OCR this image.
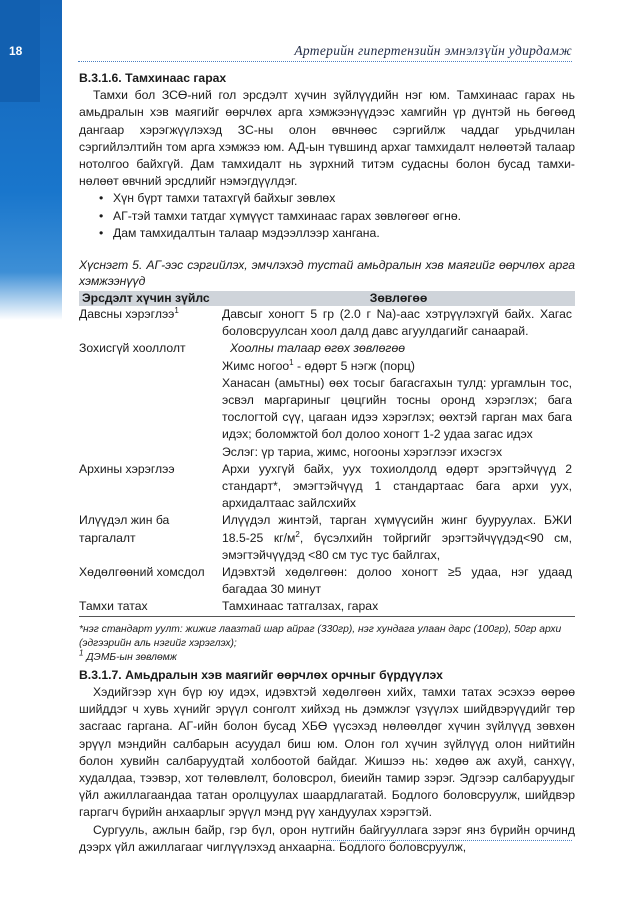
18	Артерийн гипертензийн эмнэлзүйн удирдамж

В.3.1.6. Тамхинаас гарах

Тамхи бол ЗСӨ-ний гол эрсдэлт хүчин зүйлүүдийн нэг юм. Тамхинаас гарах нь амьдралын хэв маягийг өөрчлөх арга хэмжээнүүдээс хамгийн үр дүнтэй нь бөгөөд дангаар хэрэгжүүлэхэд ЗС-ны олон өвчнөөс сэргийлж чаддаг урьдчилан сэргийлэлтийн том арга хэмжээ юм. АД-ын түвшинд архаг тамхидалт нөлөөтэй талаар нотолгоо байхгүй. Дам тамхидалт нь зүрхний титэм судасны болон бусад тамхи-нөлөөт өвчний эрсдлийг нэмэгдүүлдэг.

• Хүн бүрт тамхи татахгүй байхыг зөвлөх
• АГ-тэй тамхи татдаг хүмүүст тамхинаас гарах зөвлөгөөг өгнө.
• Дам тамхидалтын талаар мэдээллээр хангана.

Хүснэгт 5. АГ-ээс сэргийлэх, эмчлэхэд тустай амьдралын хэв маягийг өөрчлөх арга хэмжээнүүд

Эрсдэлт хүчин зүйлс	Зөвлөгөө
Давсны хэрэглээ$^1$	Давсыг хоногт 5 гр (2.0 г Na)-аас хэтрүүлэхгүй байх. Хагас боловсруулсан хоол далд давс агуулдагийг санаарай.
Зохисгүй хооллолт	Хоолны талаар өгөх зөвлөгөө
Жимс ногоо$^1$ - өдөрт 5 нэгж (порц)
Ханасан (амьтны) өөх тосыг багасгахын тулд: ургамлын тос, эсвэл маргариныг цөцгийн тосны оронд хэрэглэх; бага тослогтой сүү, цагаан идээ хэрэглэх; өөхтэй гарган мах бага идэх; боломжтой бол долоо хоногт 1-2 удаа загас идэх
Эслэг: үр тариа, жимс, ногооны хэрэглээг ихэсгэх

Архины хэрэглээ	Архи уухгүй байх, уух тохиолдолд өдөрт эрэгтэйчүүд 2 стандарт*, эмэгтэйчүүд 1 стандартаас бага архи уух, архидалтаас зайлсхийх
Илүүдэл жин ба таргалалт	Илүүдэл жинтэй, тарган хүмүүсийн жинг бууруулах. БЖИ 18.5-25 $кг/м^2$, бүсэлхийн тойргийг эрэгтэйчүүдэд<90 см, эмэгтэйчүүдэд <80 см тус тус байлгах,
Хөдөлгөөний хомсдол	Идэвхтэй хөдөлгөөн: долоо хоногт ≥5 удаа, нэг удаад багадаа 30 минут
Тамхи татах	Тамхинаас татгалзах, гарах
*нэг стандарт уулт: жижиг лаазтай шар айраг (330гр), нэг хундага улаан дарс (100гр), 50гр архи (эдгээрийн аль нэгийг хэрэглэх);
$^1$ ДЭМБ-ын зөвлөмж

В.3.1.7. Амьдралын хэв маягийг өөрчлөх орчныг бүрдүүлэх

Хэдийгээр хүн бүр юу идэх, идэвхтэй хөдөлгөөн хийх, тамхи татах эсэхээ өөрөө шийддэг ч хувь хүнийг эрүүл сонголт хийхэд нь дэмжлэг үзүүлэх шийдвэрүүдийг төр засгаас гаргана. АГ-ийн болон бусад ХБӨ үүсэхэд нөлөөлдөг хүчин зүйлүүд зөвхөн эрүүл мэндийн салбарын асуудал биш юм. Олон гол хүчин зүйлүүд олон нийтийн болон хувийн салбаруудтай холбоотой байдаг. Жишээ нь: хөдөө аж ахуй, санхүү, худалдаа, тээвэр, хот төлөвлөлт, боловсрол, биеийн тамир зэрэг. Эдгээр салбаруудыг үйл ажиллагаандаа татан оролцуулах шаардлагатай. Бодлого боловсруулж, шийдвэр гаргагч бүрийн анхаарлыг эрүүл мэнд рүү хандуулах хэрэгтэй.

Сургууль, ажлын байр, гэр бүл, орон нутгийн байгууллага зэрэг янз бүрийн орчинд дээрх үйл ажиллагааг чиглүүлэхэд анхаарна. Бодлого боловсруулж,
